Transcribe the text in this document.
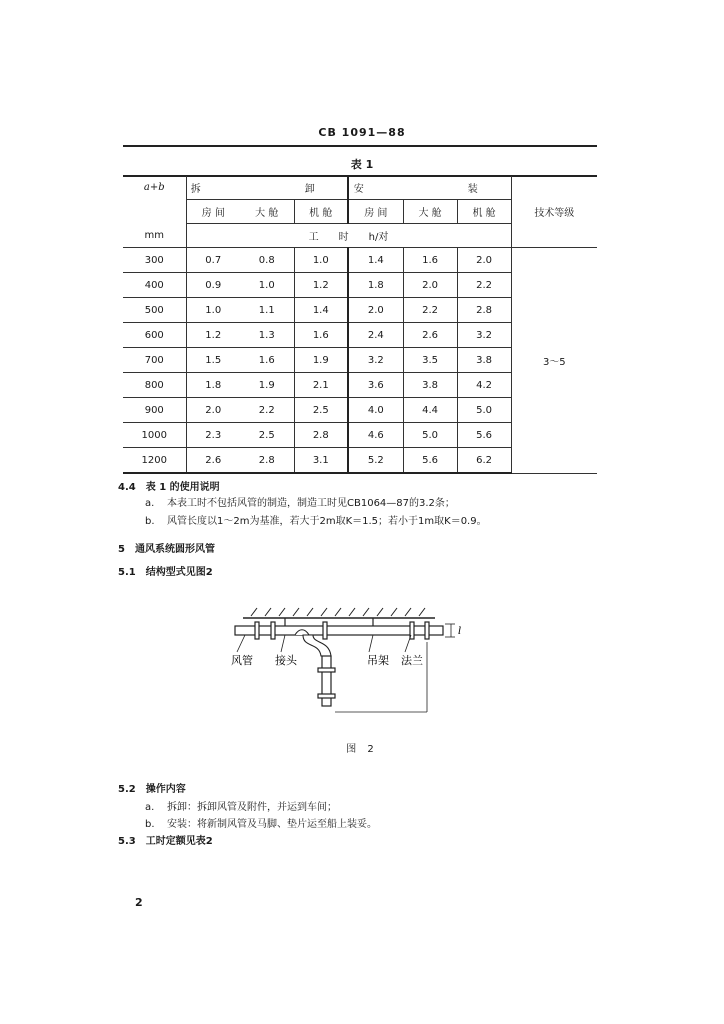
CB 1091—88
表 1
a+b	拆　　卸			安　　装			技术等级
	房 间	大 舱	机 舱	房 间	大 舱	机 舱	
mm	工　　时　　h/对						
300	0.7	0.8	1.0	1.4	1.6	2.0	3～5
400	0.9	1.0	1.2	1.8	2.0	2.2	
500	1.0	1.1	1.4	2.0	2.2	2.8	
600	1.2	1.3	1.6	2.4	2.6	3.2	
700	1.5	1.6	1.9	3.2	3.5	3.8	
800	1.8	1.9	2.1	3.6	3.8	4.2	
900	2.0	2.2	2.5	4.0	4.4	5.0	
1000	2.3	2.5	2.8	4.6	5.0	5.6	
1200	2.6	2.8	3.1	5.2	5.6	6.2	
4.4　表 1 的使用说明
a. 本表工时不包括风管的制造，制造工时见CB1064—87的3.2条；
b. 风管长度以1～2m为基准，若大于2m取K＝1.5；若小于1m取K＝0.9。
5　通风系统圆形风管
5.1　结构型式见图2
风管 接头	吊架 法兰
l
图 2
5.2　操作内容
a. 拆卸：拆卸风管及附件，并运到车间；
b. 安装：将新制风管及马脚、垫片运至船上装妥。
5.3　工时定额见表2
2
